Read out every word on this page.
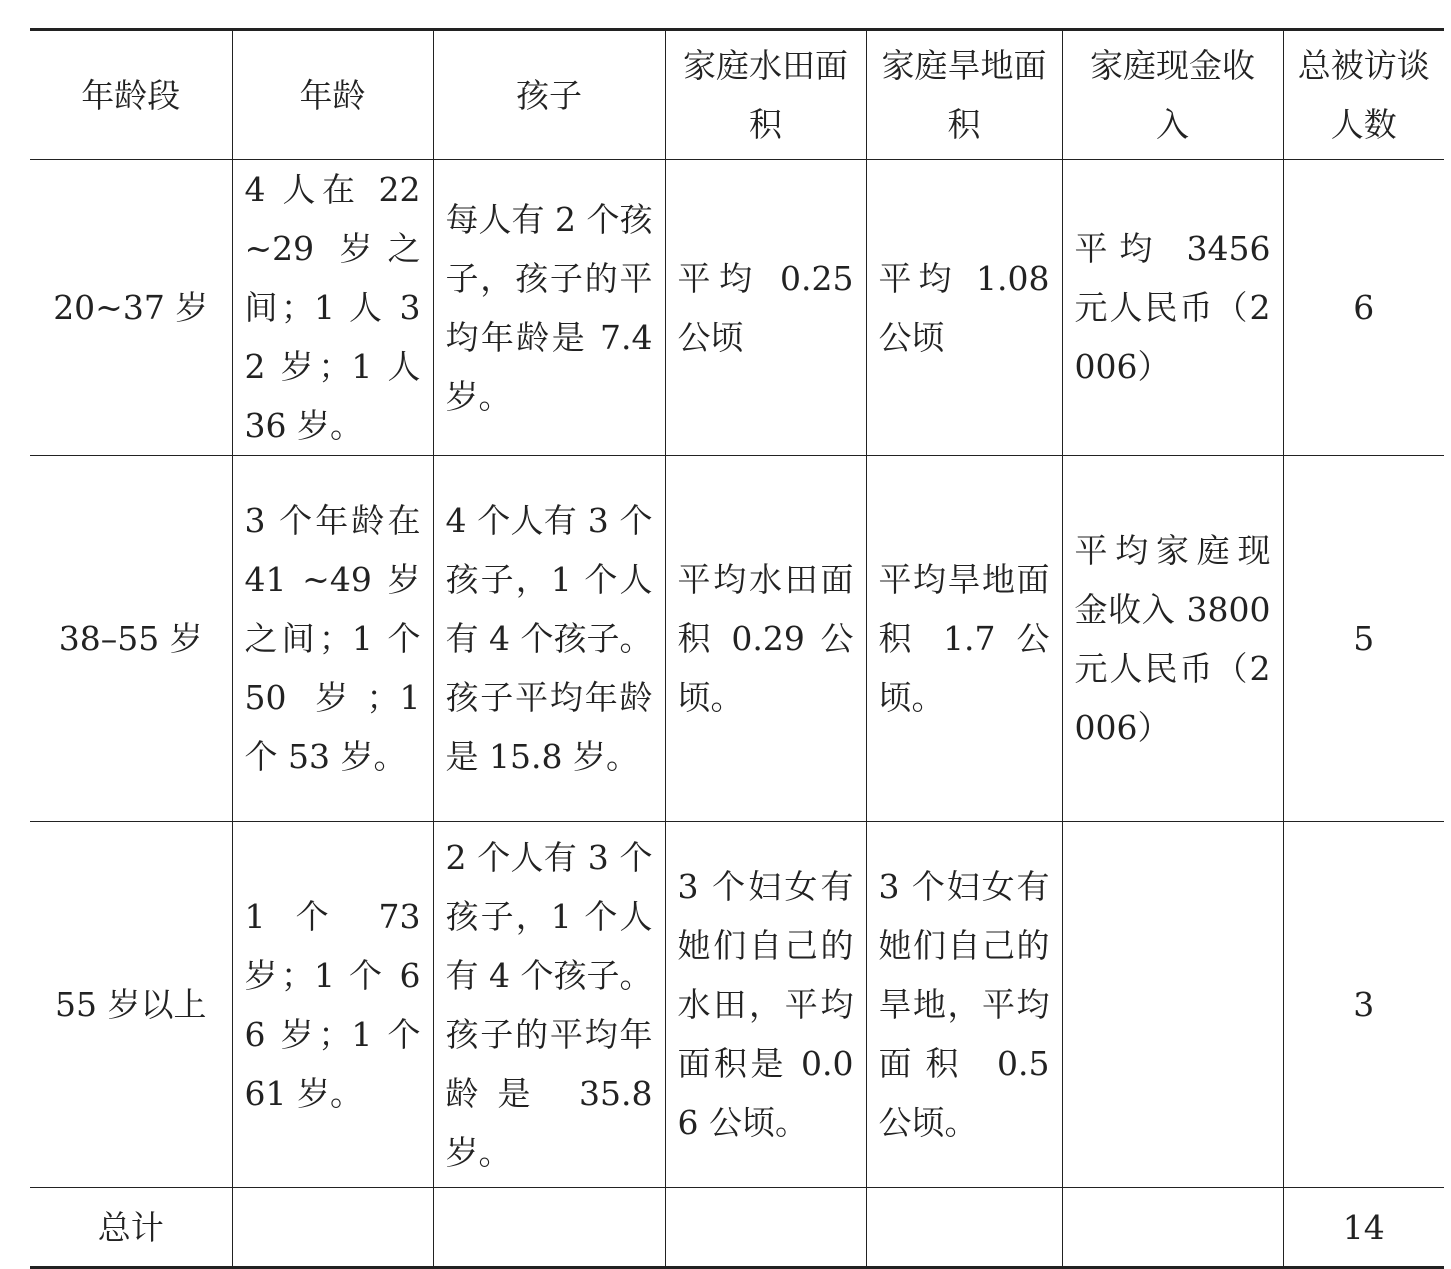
年龄段	年龄	孩子	家庭水田面积	家庭旱地面积	家庭现金收入	总被访谈人数
20~37 岁	4 人在 22~29 岁之间；1 人 32 岁；1 人 36 岁。	每人有 2 个孩子，孩子的平均年龄是 7.4 岁。	平均 0.25 公顷	平均 1.08 公顷	平均 3456 元人民币（2006）	6
38–55 岁	3 个年龄在 41 ~49 岁之间；1 个 50 岁；1 个 53 岁。	4 个人有 3 个孩子，1 个人有 4 个孩子。孩子平均年龄是 15.8 岁。	平均水田面积 0.29 公顷。	平均旱地面积 1.7 公顷。	平均家庭现金收入 3800 元人民币（2006）	5
55 岁以上	1 个 73 岁；1 个 66 岁；1 个 61 岁。	2 个人有 3 个孩子，1 个人有 4 个孩子。孩子的平均年龄是 35.8 岁。	3 个妇女有她们自己的水田，平均面积是 0.06 公顷。	3 个妇女有她们自己的旱地，平均面积 0.5 公顷。		3
总计						14
